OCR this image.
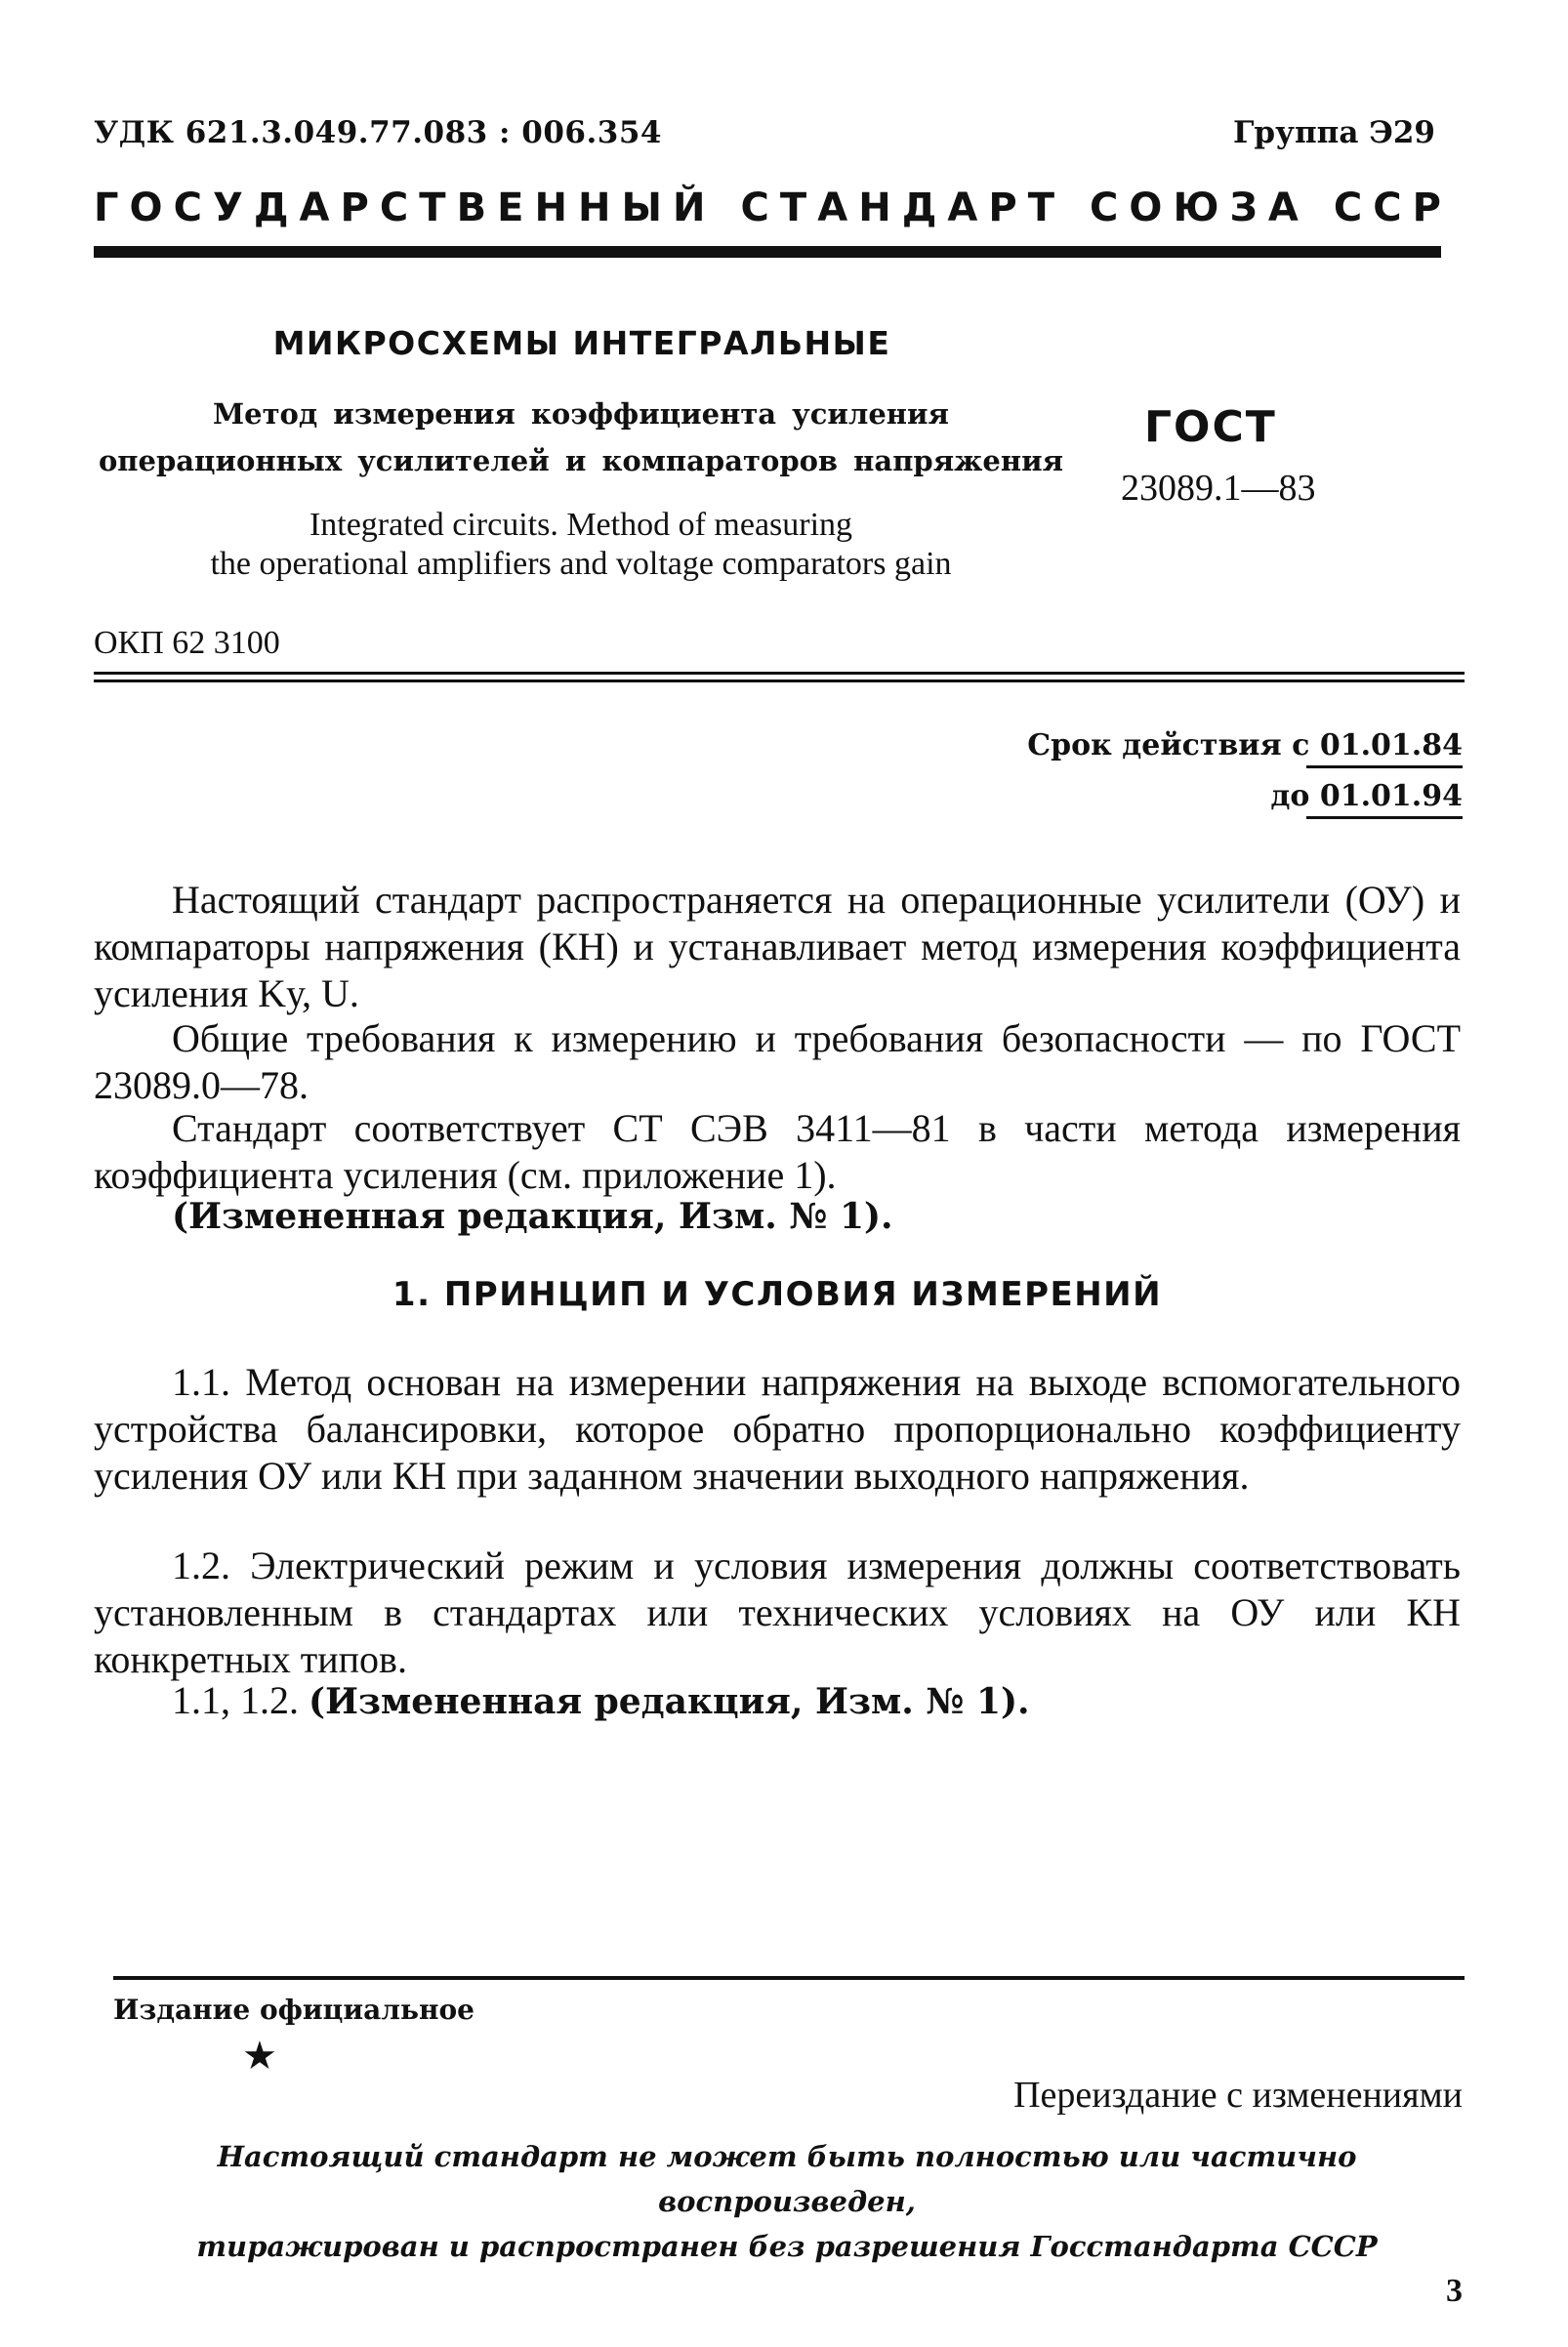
УДК 621.3.049.77.083 : 006.354	Группа Э29
Г О С У Д А Р С Т В Е Н Н Ы Й
С Т А Н Д А Р Т
С О Ю З А
С С Р
МИКРОСХЕМЫ ИНТЕГРАЛЬНЫЕ
Метод измерения коэффициента усиления
операционных усилителей и компараторов напряжения
Integrated circuits. Method of measuring
the operational amplifiers and voltage comparators gain
ГОСТ
23089.1—83
ОКП 62 3100
Срок действия с 01.01.84
до 01.01.94

Настоящий стандарт распространяется на операционные усилители (ОУ) и компараторы напряжения (КН) и устанавливает метод измерения коэффициента усиления Kу, U.

Общие требования к измерению и требования безопасности — по ГОСТ 23089.0—78.

Стандарт соответствует СТ СЭВ 3411—81 в части метода измерения коэффициента усиления (см. приложение 1).

(Измененная редакция, Изм. № 1).

1. ПРИНЦИП И УСЛОВИЯ ИЗМЕРЕНИЙ

1.1. Метод основан на измерении напряжения на выходе вспомогательного устройства балансировки, которое обратно пропорционально коэффициенту усиления ОУ или КН при заданном значении выходного напряжения.

1.2. Электрический режим и условия измерения должны соответствовать установленным в стандартах или технических условиях на ОУ или КН конкретных типов.

1.1, 1.2. (Измененная редакция, Изм. № 1).

Издание официальное
★
Переиздание с изменениями
Настоящий стандарт не может быть полностью или частично воспроизведен,
тиражирован и распространен без разрешения Госстандарта СССР
3
